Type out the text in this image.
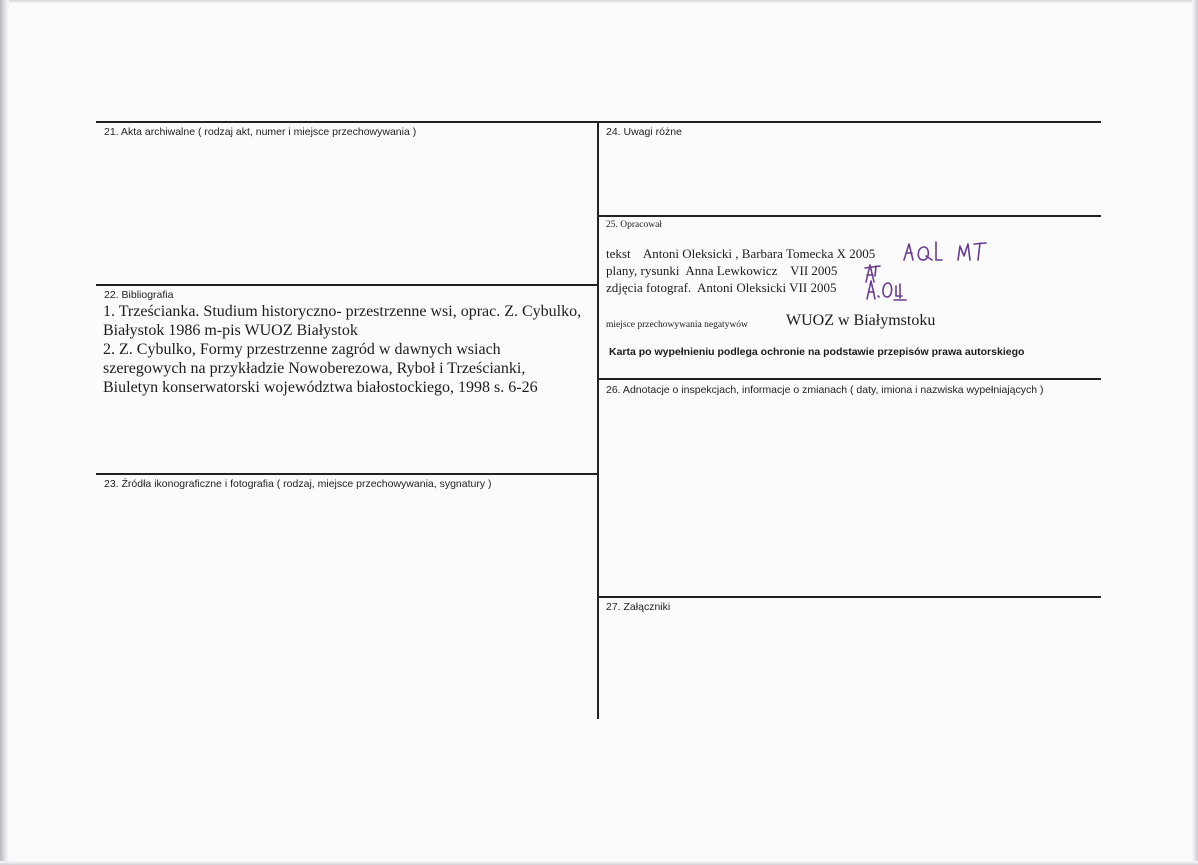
21. Akta archiwalne ( rodzaj akt, numer i miejsce przechowywania )
22. Bibliografia

1. Trześcianka. Studium historyczno- przestrzenne wsi, oprac. Z. Cybulko, Białystok 1986 m-pis WUOZ Białystok

2. Z. Cybulko, Formy przestrzenne zagród w dawnych wsiach szeregowych na przykładzie Nowoberezowa, Ryboł i Trześcianki, Biuletyn konserwatorski województwa białostockiego, 1998 s. 6-26

23. Źródła ikonograficzne i fotografia ( rodzaj, miejsce przechowywania, sygnatury )
24. Uwagi różne
25. Opracował
tekst    Antoni Oleksicki , Barbara Tomecka X 2005
plany, rysunki  Anna Lewkowicz    VII 2005
zdjęcia fotograf.  Antoni Oleksicki VII 2005
miejsce przechowywania negatywów WUOZ w Białymstoku
Karta po wypełnieniu podlega ochronie na podstawie przepisów prawa autorskiego
26. Adnotacje o inspekcjach, informacje o zmianach ( daty, imiona i nazwiska wypełniających )
27. Załączniki
